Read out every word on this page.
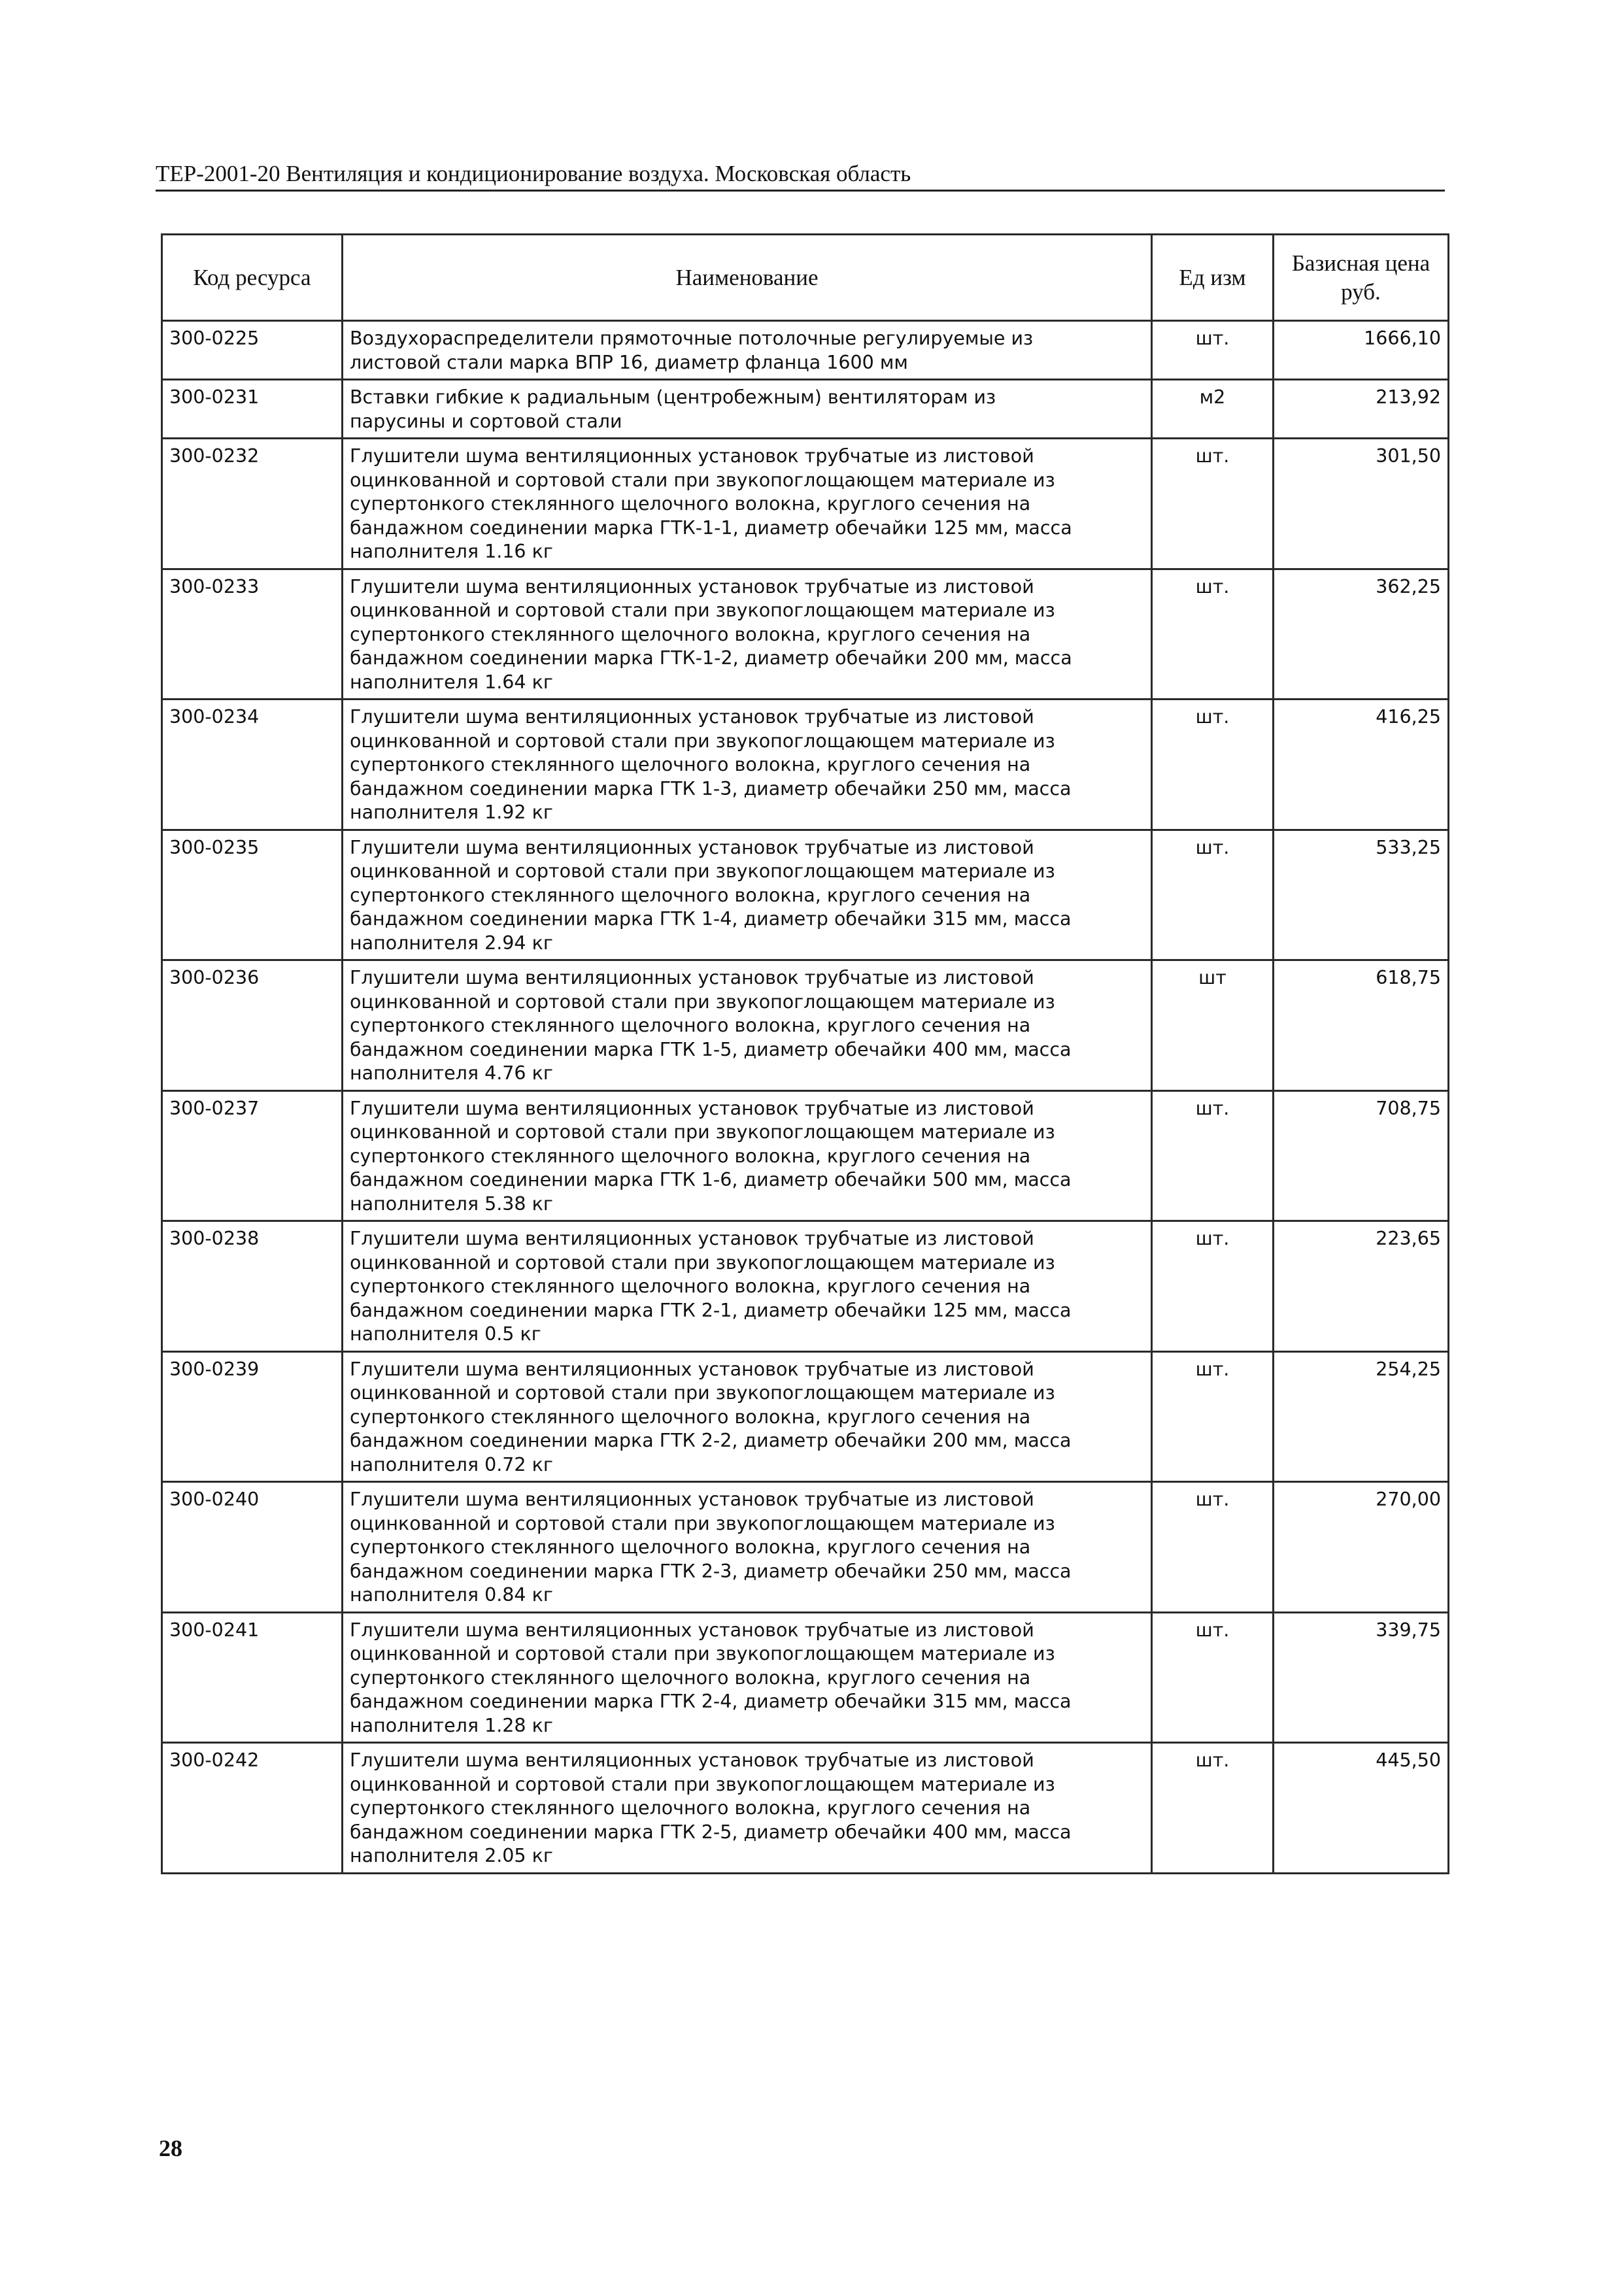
ТЕР-2001-20 Вентиляция и кондиционирование воздуха. Московская область
Код ресурса	Наименование	Ед изм	Базисная цена
руб.
300-0225	Воздухораспределители прямоточные потолочные регулируемые из
листовой стали марка ВПР 16, диаметр фланца 1600 мм	шт.	1666,10
300-0231	Вставки гибкие к радиальным (центробежным) вентиляторам из
парусины и сортовой стали	м2	213,92
300-0232	Глушители шума вентиляционных установок трубчатые из листовой
оцинкованной и сортовой стали при звукопоглощающем материале из
супертонкого стеклянного щелочного волокна, круглого сечения на
бандажном соединении марка ГТК-1-1, диаметр обечайки 125 мм, масса
наполнителя 1.16 кг	шт.	301,50
300-0233	Глушители шума вентиляционных установок трубчатые из листовой
оцинкованной и сортовой стали при звукопоглощающем материале из
супертонкого стеклянного щелочного волокна, круглого сечения на
бандажном соединении марка ГТК-1-2, диаметр обечайки 200 мм, масса
наполнителя 1.64 кг	шт.	362,25
300-0234	Глушители шума вентиляционных установок трубчатые из листовой
оцинкованной и сортовой стали при звукопоглощающем материале из
супертонкого стеклянного щелочного волокна, круглого сечения на
бандажном соединении марка ГТК 1-3, диаметр обечайки 250 мм, масса
наполнителя 1.92 кг	шт.	416,25
300-0235	Глушители шума вентиляционных установок трубчатые из листовой
оцинкованной и сортовой стали при звукопоглощающем материале из
супертонкого стеклянного щелочного волокна, круглого сечения на
бандажном соединении марка ГТК 1-4, диаметр обечайки 315 мм, масса
наполнителя 2.94 кг	шт.	533,25
300-0236	Глушители шума вентиляционных установок трубчатые из листовой
оцинкованной и сортовой стали при звукопоглощающем материале из
супертонкого стеклянного щелочного волокна, круглого сечения на
бандажном соединении марка ГТК 1-5, диаметр обечайки 400 мм, масса
наполнителя 4.76 кг	шт	618,75
300-0237	Глушители шума вентиляционных установок трубчатые из листовой
оцинкованной и сортовой стали при звукопоглощающем материале из
супертонкого стеклянного щелочного волокна, круглого сечения на
бандажном соединении марка ГТК 1-6, диаметр обечайки 500 мм, масса
наполнителя 5.38 кг	шт.	708,75
300-0238	Глушители шума вентиляционных установок трубчатые из листовой
оцинкованной и сортовой стали при звукопоглощающем материале из
супертонкого стеклянного щелочного волокна, круглого сечения на
бандажном соединении марка ГТК 2-1, диаметр обечайки 125 мм, масса
наполнителя 0.5 кг	шт.	223,65
300-0239	Глушители шума вентиляционных установок трубчатые из листовой
оцинкованной и сортовой стали при звукопоглощающем материале из
супертонкого стеклянного щелочного волокна, круглого сечения на
бандажном соединении марка ГТК 2-2, диаметр обечайки 200 мм, масса
наполнителя 0.72 кг	шт.	254,25
300-0240	Глушители шума вентиляционных установок трубчатые из листовой
оцинкованной и сортовой стали при звукопоглощающем материале из
супертонкого стеклянного щелочного волокна, круглого сечения на
бандажном соединении марка ГТК 2-3, диаметр обечайки 250 мм, масса
наполнителя 0.84 кг	шт.	270,00
300-0241	Глушители шума вентиляционных установок трубчатые из листовой
оцинкованной и сортовой стали при звукопоглощающем материале из
супертонкого стеклянного щелочного волокна, круглого сечения на
бандажном соединении марка ГТК 2-4, диаметр обечайки 315 мм, масса
наполнителя 1.28 кг	шт.	339,75
300-0242	Глушители шума вентиляционных установок трубчатые из листовой
оцинкованной и сортовой стали при звукопоглощающем материале из
супертонкого стеклянного щелочного волокна, круглого сечения на
бандажном соединении марка ГТК 2-5, диаметр обечайки 400 мм, масса
наполнителя 2.05 кг	шт.	445,50
28
